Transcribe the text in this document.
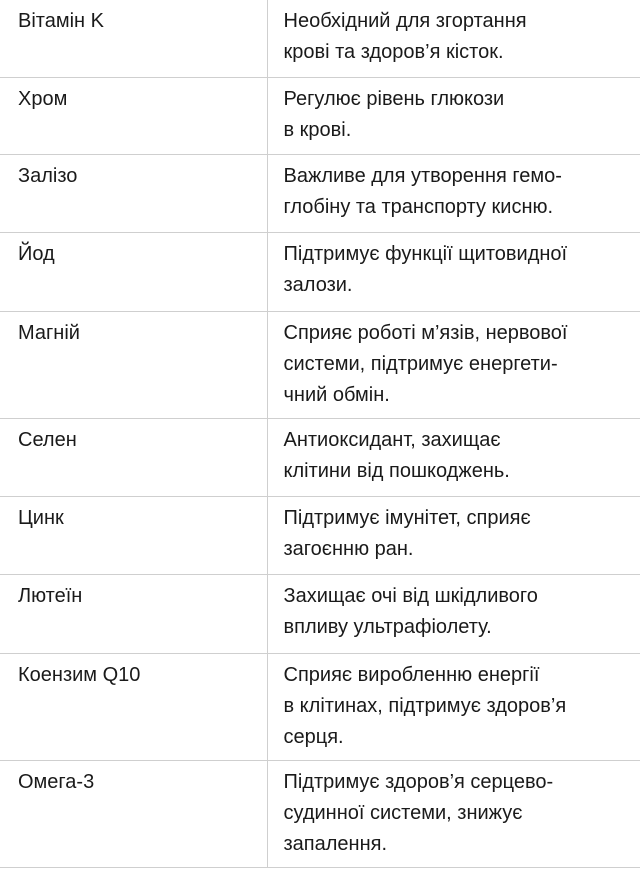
Вітамін K	Необхідний для згортання
крові та здоров’я кісток.

Хром	Регулює рівень глюкози
в крові.

Залізо	Важливе для утворення гемо-
глобіну та транспорту кисню.

Йод	Підтримує функції щитовидної
залози.

Магній	Сприяє роботі м’язів, нервової
системи, підтримує енергети-
чний обмін.

Селен	Антиоксидант, захищає
клітини від пошкоджень.

Цинк	Підтримує імунітет, сприяє
загоєнню ран.

Лютеїн	Захищає очі від шкідливого
впливу ультрафіолету.

Коензим Q10	Сприяє виробленню енергії
в клітинах, підтримує здоров’я
серця.

Омега-3	Підтримує здоров’я серцево-
судинної системи, знижує
запалення.
